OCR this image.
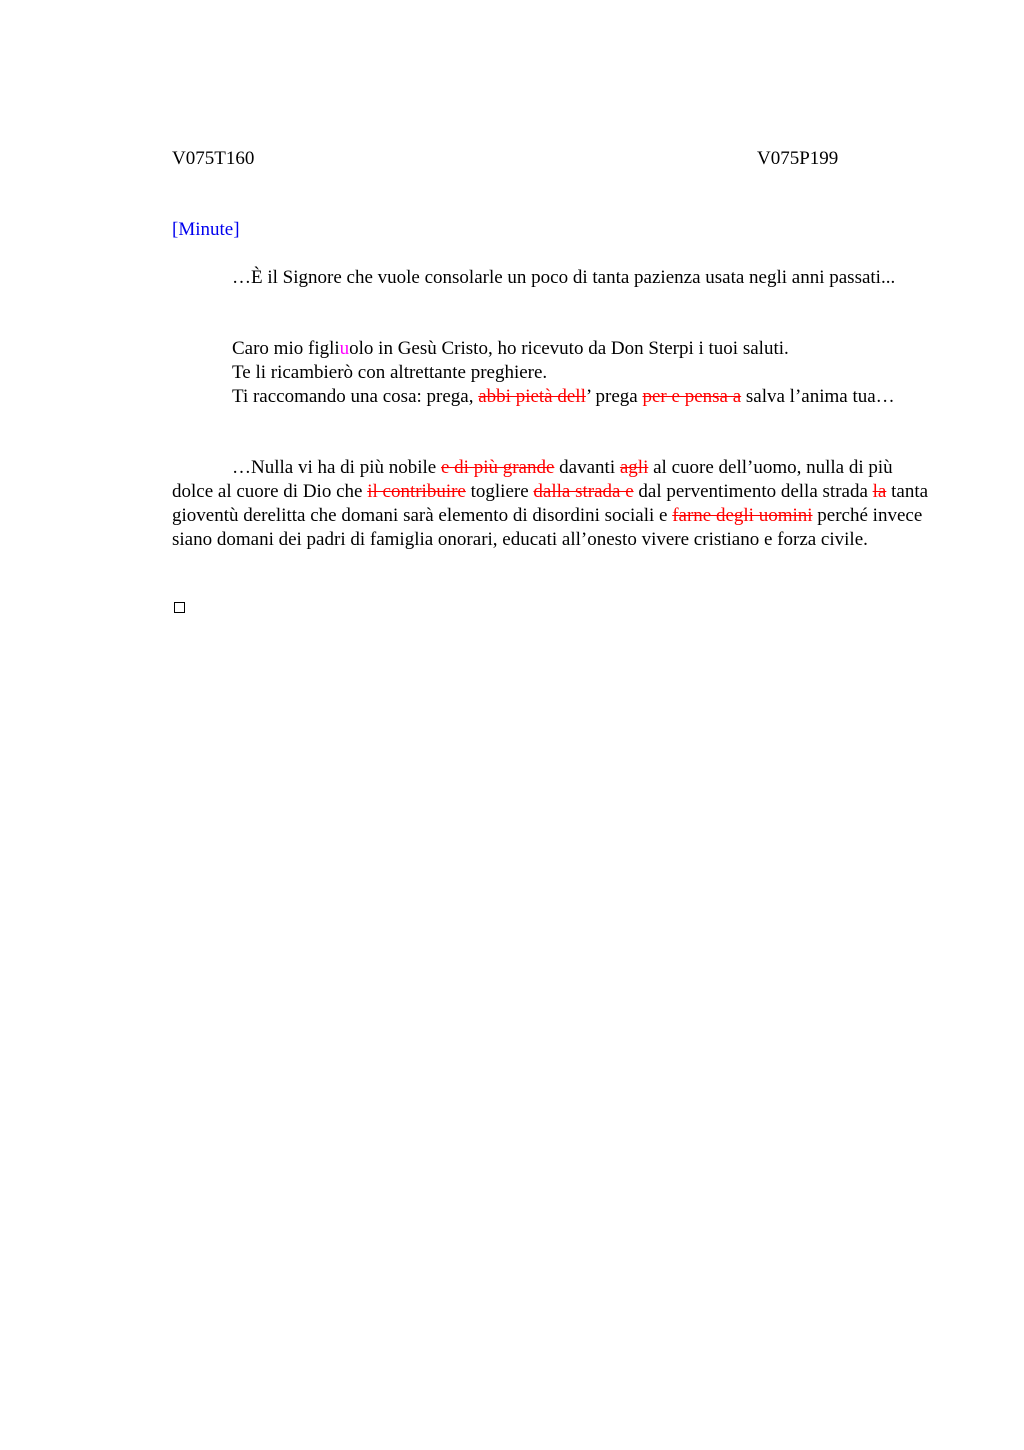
V075T160	V075P199
[Minute]

…È il Signore che vuole consolarle un poco di tanta pazienza usata negli anni passati...

Caro mio figliuolo in Gesù Cristo, ho ricevuto da Don Sterpi i tuoi saluti.

Te li ricambierò con altrettante preghiere.

Ti raccomando una cosa: prega, abbi pietà dell’ prega per e pensa a salva l’anima tua…

…Nulla vi ha di più nobile e di più grande davanti agli al cuore dell’uomo, nulla di più dolce al cuore di Dio che il contribuire togliere dalla strada e dal perventimento della strada la tanta gioventù derelitta che domani sarà elemento di disordini sociali e farne degli uomini perché invece siano domani dei padri di famiglia onorari, educati all’onesto vivere cristiano e forza civile.
